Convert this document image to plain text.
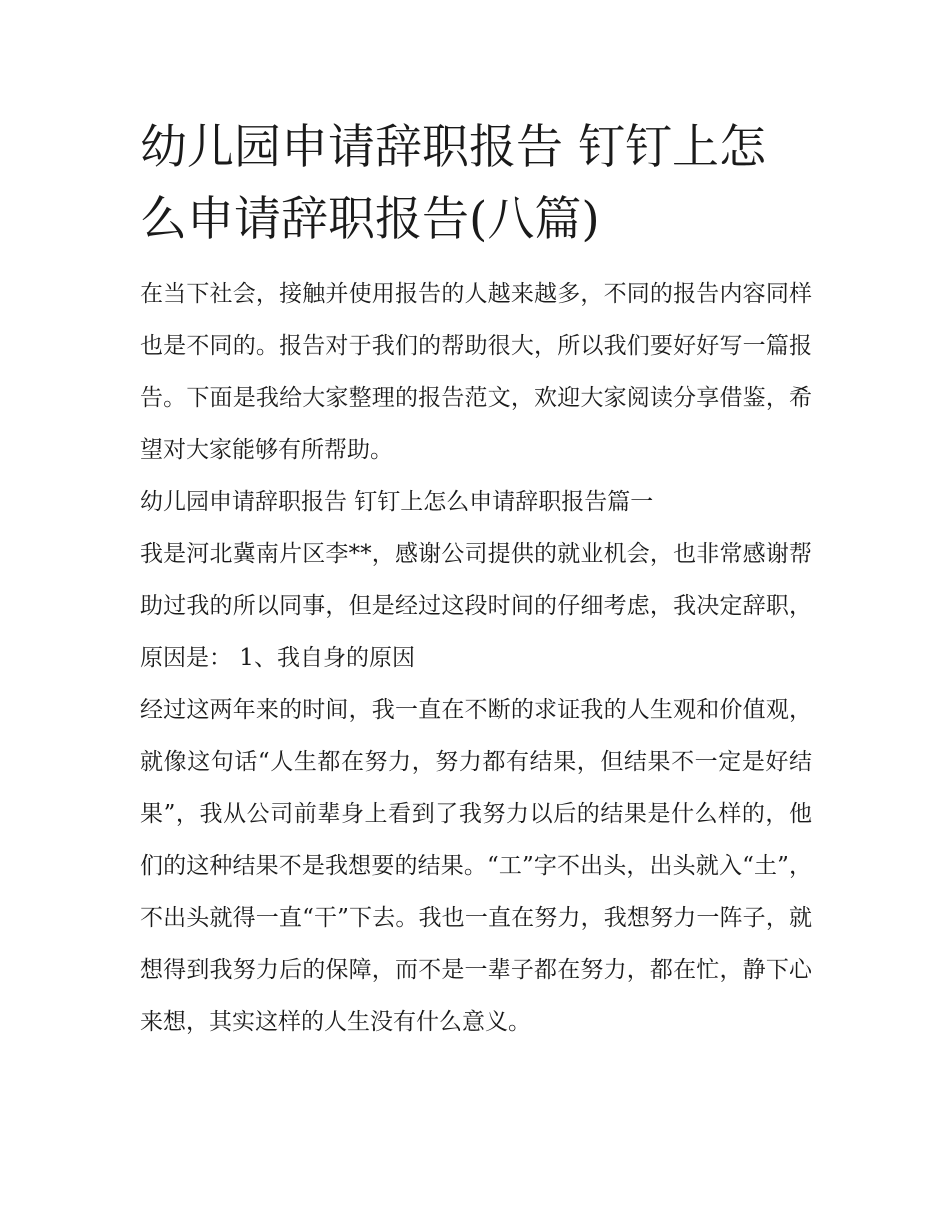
幼儿园申请辞职报告 钉钉上怎么申请辞职报告(八篇)

在当下社会，接触并使用报告的人越来越多，不同的报告内容同样也是不同的。报告对于我们的帮助很大，所以我们要好好写一篇报告。下面是我给大家整理的报告范文，欢迎大家阅读分享借鉴，希望对大家能够有所帮助。

幼儿园申请辞职报告 钉钉上怎么申请辞职报告篇一

我是河北冀南片区李**，感谢公司提供的就业机会，也非常感谢帮助过我的所以同事，但是经过这段时间的仔细考虑，我决定辞职，原因是： 1、我自身的原因

经过这两年来的时间，我一直在不断的求证我的人生观和价值观，就像这句话“人生都在努力，努力都有结果，但结果不一定是好结果”，我从公司前辈身上看到了我努力以后的结果是什么样的，他们的这种结果不是我想要的结果。“工”字不出头，出头就入“土”，不出头就得一直“干”下去。我也一直在努力，我想努力一阵子，就想得到我努力后的保障，而不是一辈子都在努力，都在忙，静下心来想，其实这样的人生没有什么意义。
